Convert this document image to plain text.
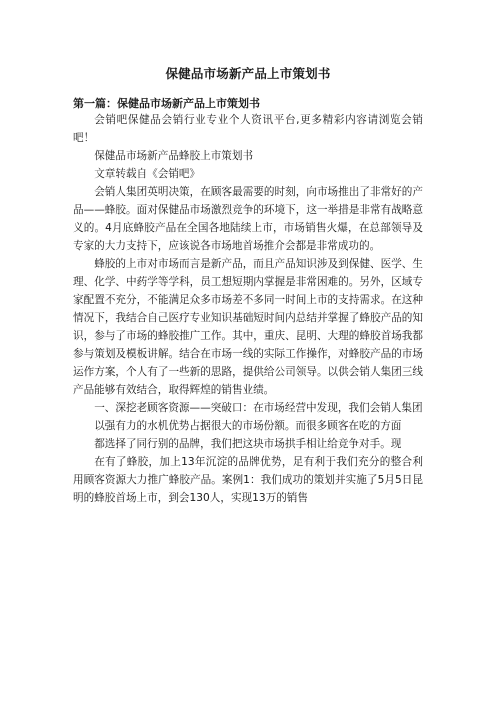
保健品市场新产品上市策划书
第一篇：保健品市场新产品上市策划书

会销吧保健品会销行业专业个人资讯平台,更多精彩内容请浏览会销吧！

保健品市场新产品蜂胶上市策划书

文章转载自《会销吧》

会销人集团英明决策，在顾客最需要的时刻，向市场推出了非常好的产品——蜂胶。面对保健品市场激烈竞争的环境下，这一举措是非常有战略意义的。4月底蜂胶产品在全国各地陆续上市，市场销售火爆，在总部领导及专家的大力支持下，应该说各市场地首场推介会都是非常成功的。

蜂胶的上市对市场而言是新产品，而且产品知识涉及到保健、医学、生理、化学、中药学等学科，员工想短期内掌握是非常困难的。另外，区域专家配置不充分，不能满足众多市场差不多同一时间上市的支持需求。在这种情况下，我结合自己医疗专业知识基础短时间内总结并掌握了蜂胶产品的知识，参与了市场的蜂胶推广工作。其中，重庆、昆明、大理的蜂胶首场我都参与策划及模板讲解。结合在市场一线的实际工作操作，对蜂胶产品的市场运作方案，个人有了一些新的思路，提供给公司领导。以供会销人集团三线产品能够有效结合，取得辉煌的销售业绩。

一、深挖老顾客资源——突破口：在市场经营中发现，我们会销人集团

以强有力的水机优势占据很大的市场份额。而很多顾客在吃的方面

都选择了同行别的品牌，我们把这块市场拱手相让给竞争对手。现

在有了蜂胶，加上13年沉淀的品牌优势，足有利于我们充分的整合利用顾客资源大力推广蜂胶产品。案例1：我们成功的策划并实施了5月5日昆明的蜂胶首场上市，到会130人，实现13万的销售
